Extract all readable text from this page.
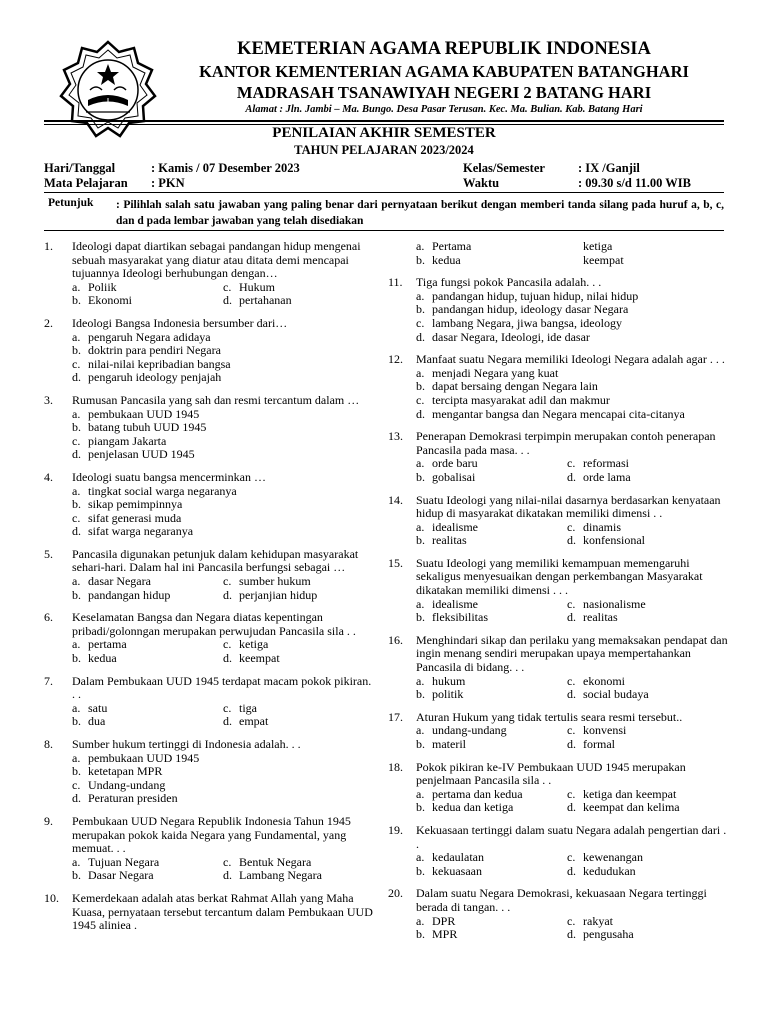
KEMETERIAN AGAMA REPUBLIK INDONESIA
KANTOR KEMENTERIAN AGAMA KABUPATEN BATANGHARI
MADRASAH TSANAWIYAH NEGERI 2 BATANG HARI
Alamat : Jln. Jambi – Ma. Bungo. Desa Pasar Terusan. Kec. Ma. Bulian. Kab. Batang Hari
PENILAIAN AKHIR SEMESTER
TAHUN PELAJARAN 2023/2024
Hari/Tanggal	: Kamis / 07 Desember 2023
Mata Pelajaran : PKN
Kelas/Semester	: IX /Ganjil
Waktu	: 09.30 s/d 11.00 WIB
Petunjuk : Pilihlah salah satu jawaban yang paling benar dari pernyataan berikut dengan memberi tanda silang pada huruf a, b, c, dan d pada lembar jawaban yang telah disediakan
1. Ideologi dapat diartikan sebagai pandangan hidup mengenai sebuah masyarakat yang diatur atau ditata demi mencapai tujuannya Ideologi berhubungan dengan…
a. Poliik	c. Hukum
b. Ekonomi	d. pertahanan
2. Ideologi Bangsa Indonesia bersumber dari…
a. pengaruh Negara adidaya
b. doktrin para pendiri Negara
c. nilai-nilai kepribadian bangsa
d. pengaruh ideology penjajah
3. Rumusan Pancasila yang sah dan resmi tercantum dalam …
a. pembukaan UUD 1945
b. batang tubuh UUD 1945
c. piangam Jakarta
d. penjelasan UUD 1945
4. Ideologi suatu bangsa mencerminkan …
a. tingkat social warga negaranya
b. sikap pemimpinnya
c. sifat generasi muda
d. sifat warga negaranya
5. Pancasila digunakan petunjuk dalam kehidupan masyarakat sehari-hari. Dalam hal ini Pancasila berfungsi sebagai …
a. dasar Negara	c. sumber hukum
b. pandangan hidup	d. perjanjian hidup
6. Keselamatan Bangsa dan Negara diatas kepentingan pribadi/golonngan merupakan perwujudan Pancasila sila . .
a. pertama	c. ketiga
b. kedua	d. keempat
7. Dalam Pembukaan UUD 1945 terdapat macam pokok pikiran. . .
a. satu	c. tiga
b. dua	d. empat
8. Sumber hukum tertinggi di Indonesia adalah. . .
a. pembukaan UUD 1945
b. ketetapan MPR
c. Undang-undang
d. Peraturan presiden
9. Pembukaan UUD Negara Republik Indonesia Tahun 1945 merupakan pokok kaida Negara yang Fundamental, yang memuat. . .
a. Tujuan Negara	c. Bentuk Negara
b. Dasar Negara	d. Lambang Negara
10. Kemerdekaan adalah atas berkat Rahmat Allah yang Maha Kuasa, pernyataan tersebut tercantum dalam Pembukaan UUD 1945 aliniea .
a. Pertama	ketiga
b. kedua	keempat
11. Tiga fungsi pokok Pancasila adalah. . .
a. pandangan hidup, tujuan hidup, nilai hidup
b. pandangan hidup, ideology dasar Negara
c. lambang Negara, jiwa bangsa, ideology
d. dasar Negara, Ideologi, ide dasar
12. Manfaat suatu Negara memiliki Ideologi Negara adalah agar . . .
a. menjadi Negara yang kuat
b. dapat bersaing dengan Negara lain
c. tercipta masyarakat adil dan makmur
d. mengantar bangsa dan Negara mencapai cita-citanya
13. Penerapan Demokrasi terpimpin merupakan contoh penerapan Pancasila pada masa. . .
a. orde baru	c. reformasi
b. gobalisai	d. orde lama
14. Suatu Ideologi yang nilai-nilai dasarnya berdasarkan kenyataan hidup di masyarakat dikatakan memiliki dimensi . .
a. idealisme	c. dinamis
b. realitas	d. konfensional
15. Suatu Ideologi yang memiliki kemampuan memengaruhi sekaligus menyesuaikan dengan perkembangan Masyarakat dikatakan memiliki dimensi . . .
a. idealisme	c. nasionalisme
b. fleksibilitas	d. realitas
16. Menghindari sikap dan perilaku yang memaksakan pendapat dan ingin menang sendiri merupakan upaya mempertahankan Pancasila di bidang. . .
a. hukum	c. ekonomi
b. politik	d. social budaya
17. Aturan Hukum yang tidak tertulis seara resmi tersebut..
a. undang-undang	c. konvensi
b. materil	d. formal
18. Pokok pikiran ke-IV Pembukaan UUD 1945 merupakan penjelmaan Pancasila sila . .
a. pertama dan kedua	c. ketiga dan keempat
b. kedua dan ketiga	d. keempat dan kelima
19. Kekuasaan tertinggi dalam suatu Negara adalah pengertian dari . .
a. kedaulatan	c. kewenangan
b. kekuasaan	d. kedudukan
20. Dalam suatu Negara Demokrasi, kekuasaan Negara tertinggi berada di tangan. . .
a. DPR	c. rakyat
b. MPR	d. pengusaha
